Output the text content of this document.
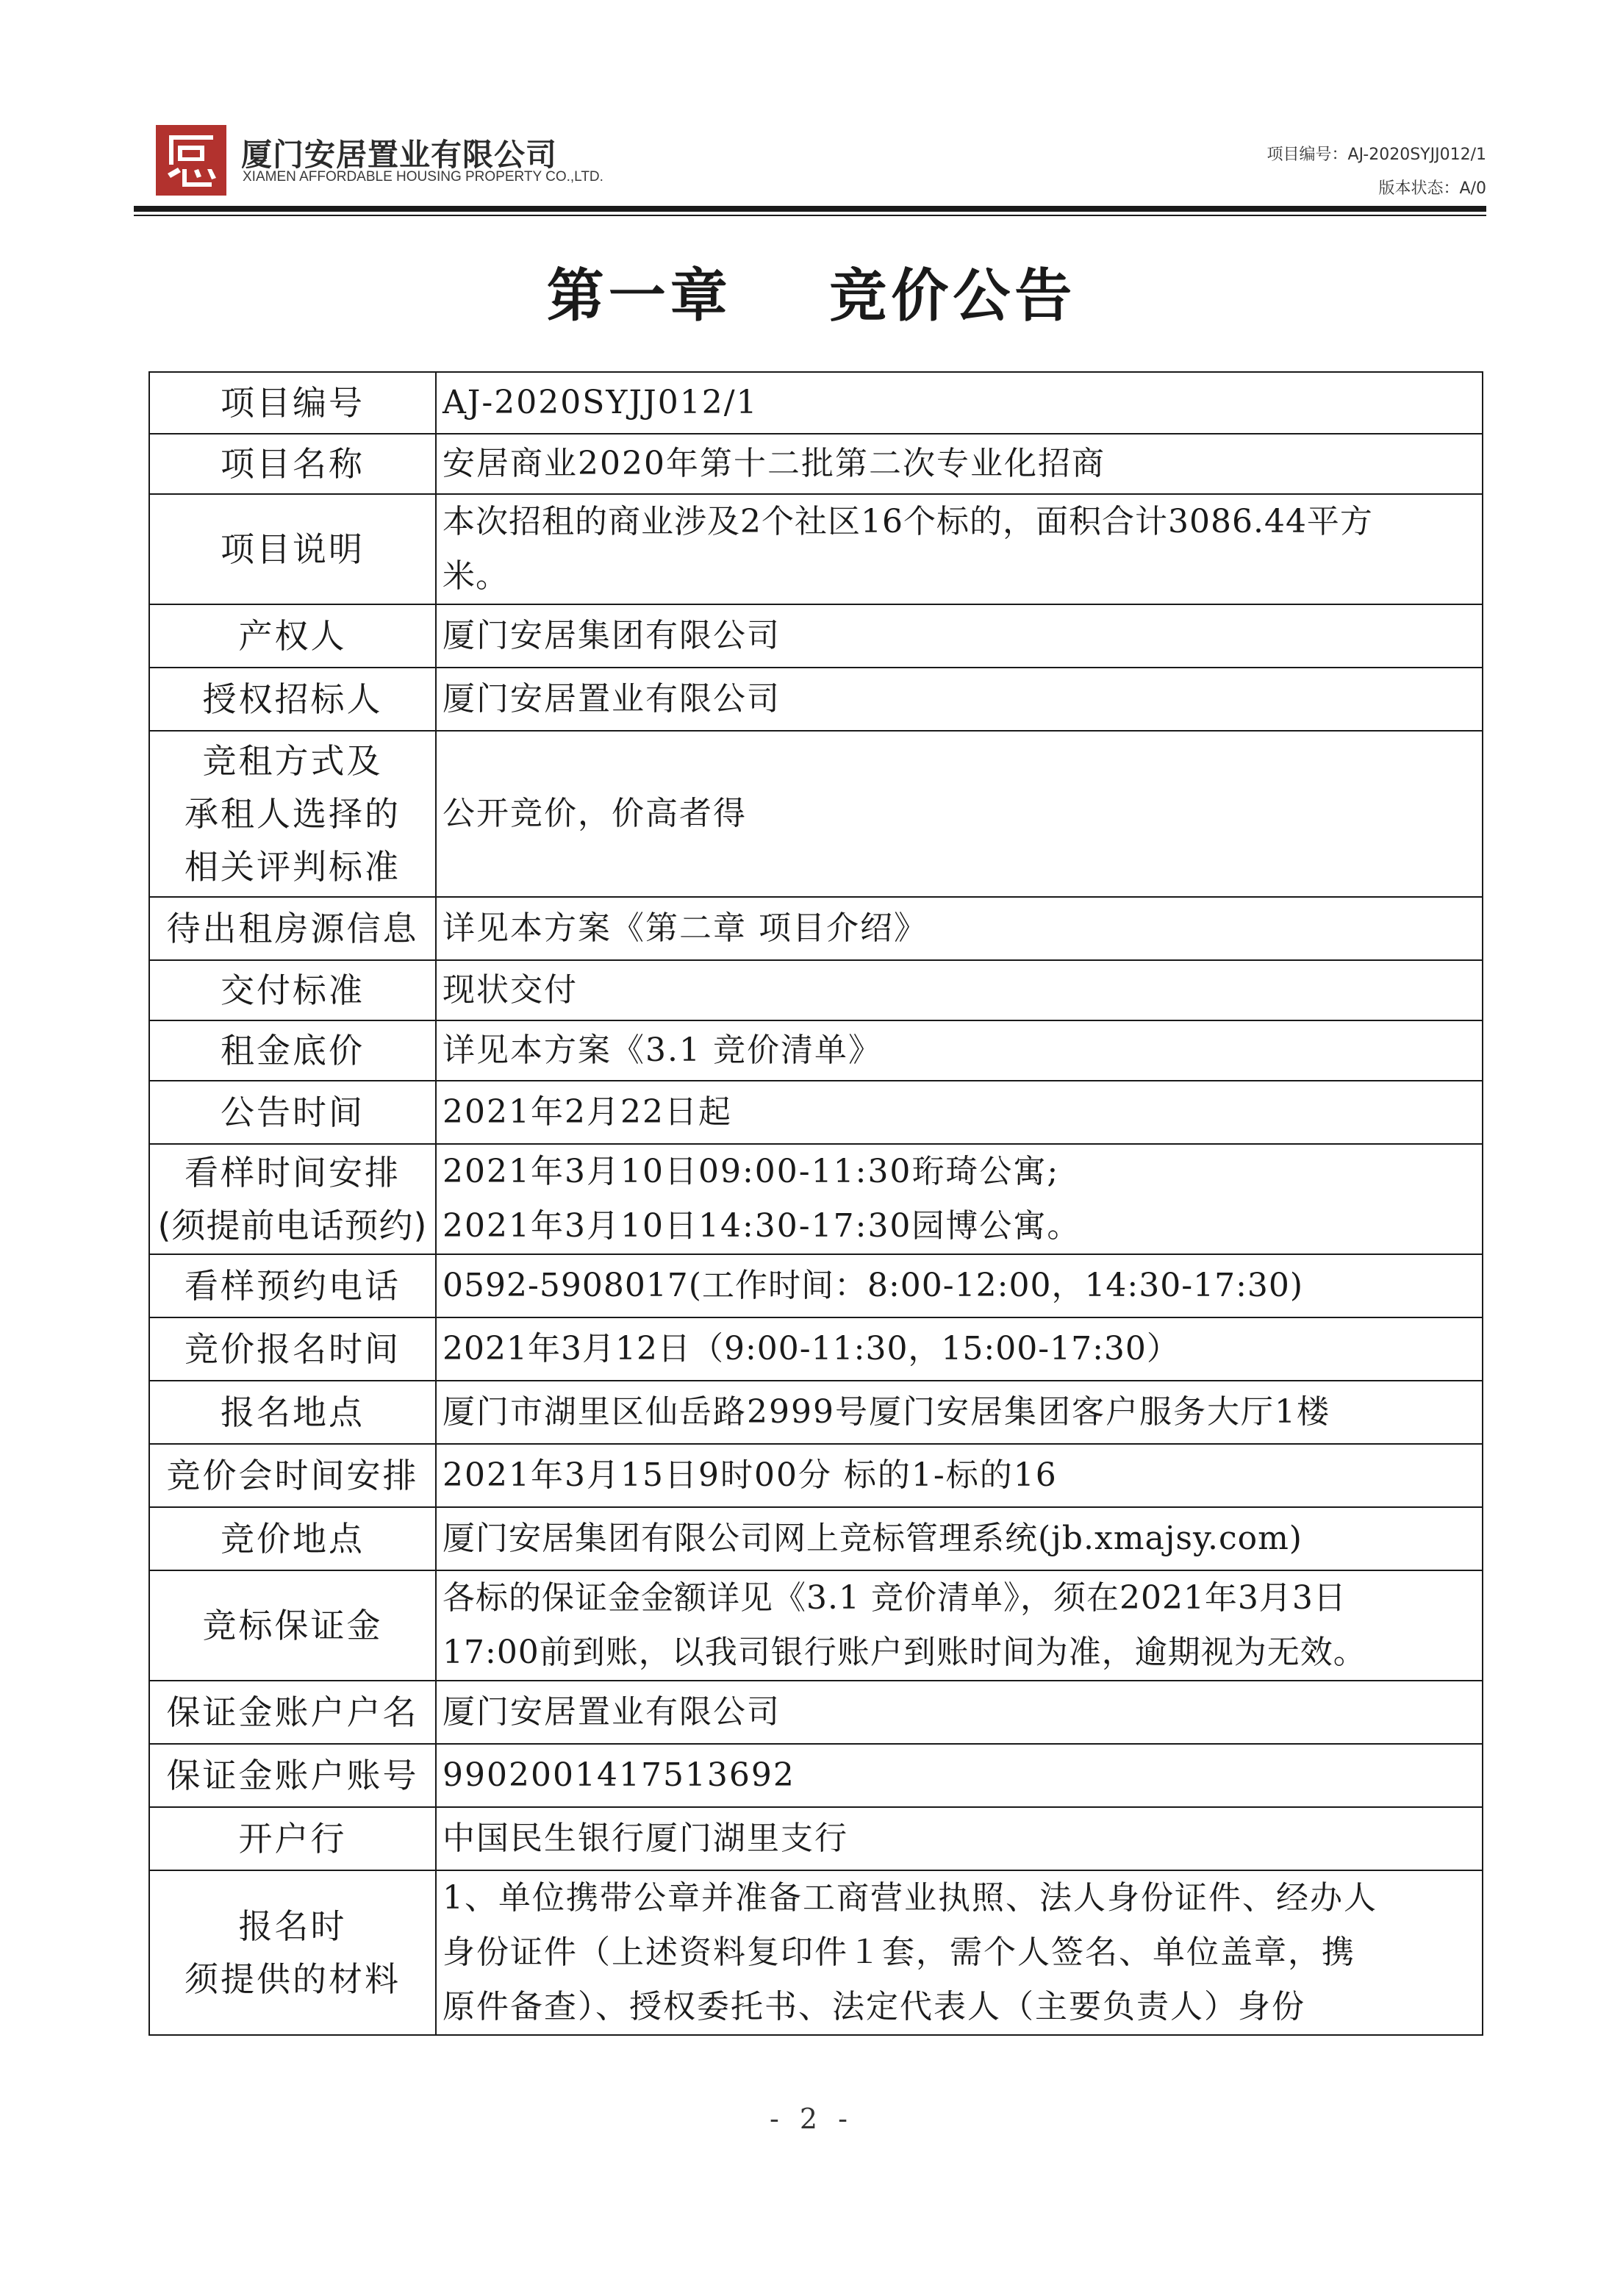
厦门安居置业有限公司
XIAMEN AFFORDABLE HOUSING PROPERTY CO.,LTD.
项目编号：AJ-2020SYJJ012/1
版本状态：A/0
第一章    竞价公告
项目编号	AJ-2020SYJJ012/1

项目名称	安居商业2020年第十二批第二次专业化招商

项目说明	本次招租的商业涉及2个社区16个标的，面积合计3086.44平方
米。

产权人	厦门安居集团有限公司

授权招标人	厦门安居置业有限公司

竞租方式及
承租人选择的
相关评判标准	公开竞价，价高者得

待出租房源信息	详见本方案《第二章 项目介绍》

交付标准	现状交付

租金底价	详见本方案《3.1 竞价清单》

公告时间	2021年2月22日起

看样时间安排
(须提前电话预约)	2021年3月10日09:00-11:30珩琦公寓;
2021年3月10日14:30-17:30园博公寓。

看样预约电话	0592-5908017(工作时间：8:00-12:00，14:30-17:30)

竞价报名时间	2021年3月12日（9:00-11:30，15:00-17:30）

报名地点	厦门市湖里区仙岳路2999号厦门安居集团客户服务大厅1楼

竞价会时间安排	2021年3月15日9时00分 标的1-标的16

竞价地点	厦门安居集团有限公司网上竞标管理系统(jb.xmajsy.com)

竞标保证金	各标的保证金金额详见《3.1 竞价清单》，须在2021年3月3日
17:00前到账，以我司银行账户到账时间为准，逾期视为无效。

保证金账户户名	厦门安居置业有限公司

保证金账户账号	9902001417513692

开户行	中国民生银行厦门湖里支行

报名时
须提供的材料	1、单位携带公章并准备工商营业执照、法人身份证件、经办人
身份证件（上述资料复印件１套，需个人签名、单位盖章，携
原件备查）、授权委托书、法定代表人（主要负责人）身份
- 2 -
